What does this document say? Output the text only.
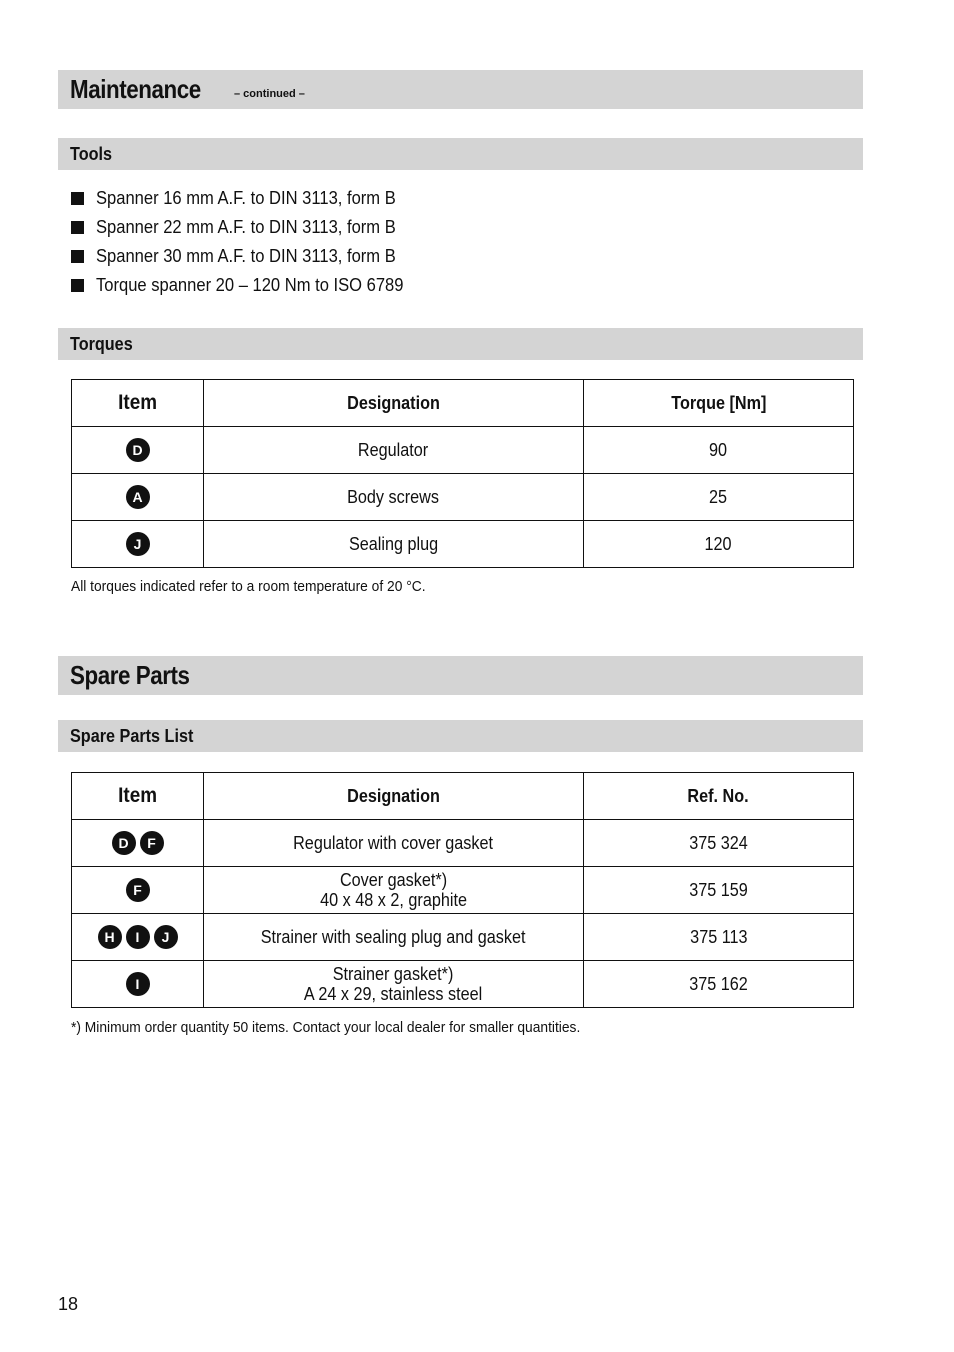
Maintenance	– continued –
Tools
Spanner 16 mm A.F. to DIN 3113, form B
Spanner 22 mm A.F. to DIN 3113, form B
Spanner 30 mm A.F. to DIN 3113, form B
Torque spanner 20 – 120 Nm to ISO 6789
Torques
Item	Designation	Torque [Nm]
D	Regulator	90
A	Body screws	25
J	Sealing plug	120
All torques indicated refer to a room temperature of 20 °C.
Spare Parts
Spare Parts List
Item	Designation	Ref. No.
D F	Regulator with cover gasket	375 324
F	Cover gasket*)
40 x 48 x 2, graphite	375 159
H I J	Strainer with sealing plug and gasket	375 113
I	Strainer gasket*)
A 24 x 29, stainless steel	375 162
*) Minimum order quantity 50 items. Contact your local dealer for smaller quantities.
18
